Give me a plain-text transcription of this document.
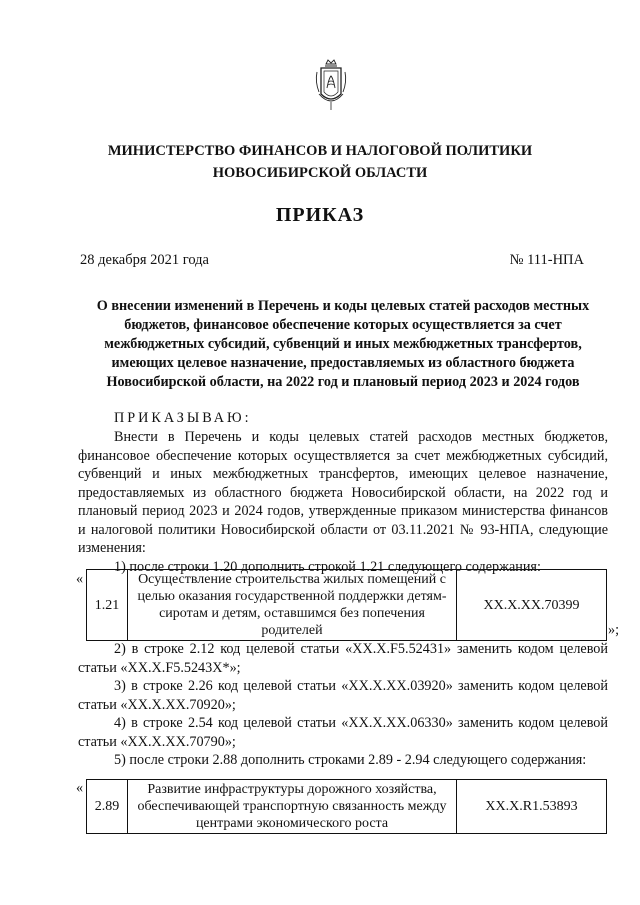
МИНИСТЕРСТВО ФИНАНСОВ И НАЛОГОВОЙ ПОЛИТИКИ
НОВОСИБИРСКОЙ ОБЛАСТИ
ПРИКАЗ
28 декабря 2021 года	№ 111-НПА
О внесении изменений в Перечень и коды целевых статей расходов местных бюджетов, финансовое обеспечение которых осуществляется за счет межбюджетных субсидий, субвенций и иных межбюджетных трансфертов, имеющих целевое назначение, предоставляемых из областного бюджета Новосибирской области, на 2022 год и плановый период 2023 и 2024 годов

ПРИКАЗЫВАЮ:

Внести в Перечень и коды целевых статей расходов местных бюджетов, финансовое обеспечение которых осуществляется за счет межбюджетных субсидий, субвенций и иных межбюджетных трансфертов, имеющих целевое назначение, предоставляемых из областного бюджета Новосибирской области, на 2022 год и плановый период 2023 и 2024 годов, утвержденные приказом министерства финансов и налоговой политики Новосибирской области от 03.11.2021 № 93-НПА, следующие изменения:

1) после строки 1.20 дополнить строкой 1.21 следующего содержания:

«
1.21	Осуществление строительства жилых помещений с целью оказания государственной поддержки детям-сиротам и детям, оставшимся без попечения родителей	ХХ.Х.ХХ.70399
»;

2) в строке 2.12 код целевой статьи «ХХ.Х.F5.52431» заменить кодом целевой статьи «ХХ.Х.F5.5243Х*»;

3) в строке 2.26 код целевой статьи «ХХ.Х.ХХ.03920» заменить кодом целевой статьи «ХХ.Х.ХХ.70920»;

4) в строке 2.54 код целевой статьи «ХХ.Х.ХХ.06330» заменить кодом целевой статьи «ХХ.Х.ХХ.70790»;

5) после строки 2.88 дополнить строками 2.89 - 2.94 следующего содержания:

«
2.89	Развитие инфраструктуры дорожного хозяйства, обеспечивающей транспортную связанность между центрами экономического роста	ХХ.Х.R1.53893
